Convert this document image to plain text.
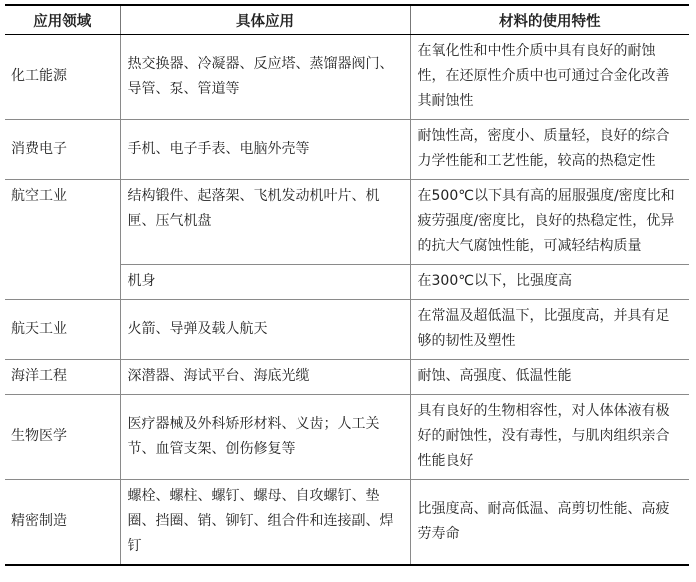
应用领域	具体应用	材料的使用特性
化工能源	热交换器、冷凝器、反应塔、蒸馏器阀门、导管、泵、管道等	在氧化性和中性介质中具有良好的耐蚀性，在还原性介质中也可通过合金化改善其耐蚀性
消费电子	手机、电子手表、电脑外壳等	耐蚀性高，密度小、质量轻，良好的综合力学性能和工艺性能，较高的热稳定性
航空工业	结构锻件、起落架、飞机发动机叶片、机匣、压气机盘	在500℃以下具有高的屈服强度/密度比和疲劳强度/密度比，良好的热稳定性，优异的抗大气腐蚀性能，可减轻结构质量
	机身	在300℃以下，比强度高
航天工业	火箭、导弹及载人航天	在常温及超低温下，比强度高，并具有足够的韧性及塑性
海洋工程	深潜器、海试平台、海底光缆	耐蚀、高强度、低温性能
生物医学	医疗器械及外科矫形材料、义齿；人工关节、血管支架、创伤修复等	具有良好的生物相容性，对人体体液有极好的耐蚀性，没有毒性，与肌肉组织亲合性能良好
精密制造	螺栓、螺柱、螺钉、螺母、自攻螺钉、垫圈、挡圈、销、铆钉、组合件和连接副、焊钉	比强度高、耐高低温、高剪切性能、高疲劳寿命
